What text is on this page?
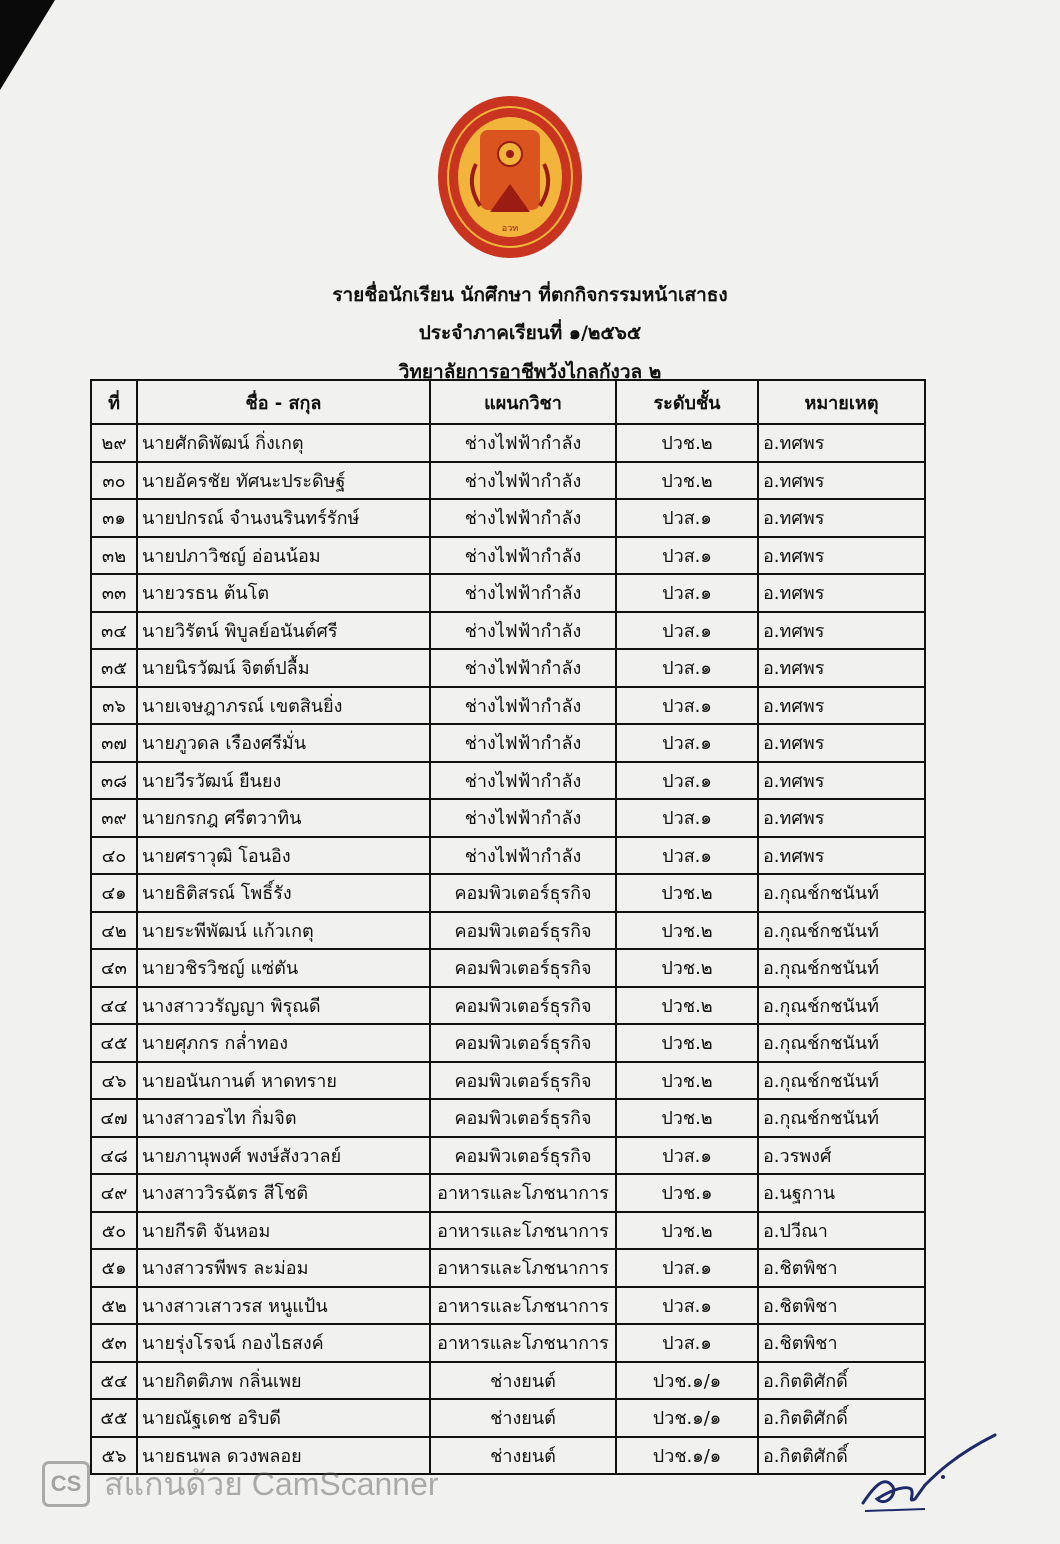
อวท
รายชื่อนักเรียน นักศึกษา ที่ตกกิจกรรมหน้าเสาธง
ประจำภาคเรียนที่ ๑/๒๕๖๕
วิทยาลัยการอาชีพวังไกลกังวล ๒
ที่	ชื่อ - สกุล	แผนกวิชา	ระดับชั้น	หมายเหตุ
๒๙	นายศักดิพัฒน์ กิ่งเกตุ	ช่างไฟฟ้ากำลัง	ปวช.๒	อ.ทศพร
๓๐	นายอัครชัย ทัศนะประดิษฐ์	ช่างไฟฟ้ากำลัง	ปวช.๒	อ.ทศพร
๓๑	นายปกรณ์ จำนงนรินทร์รักษ์	ช่างไฟฟ้ากำลัง	ปวส.๑	อ.ทศพร
๓๒	นายปภาวิชญ์ อ่อนน้อม	ช่างไฟฟ้ากำลัง	ปวส.๑	อ.ทศพร
๓๓	นายวรธน ต้นโต	ช่างไฟฟ้ากำลัง	ปวส.๑	อ.ทศพร
๓๔	นายวิรัตน์ พิบูลย์อนันต์ศรี	ช่างไฟฟ้ากำลัง	ปวส.๑	อ.ทศพร
๓๕	นายนิรวัฒน์ จิตต์ปลื้ม	ช่างไฟฟ้ากำลัง	ปวส.๑	อ.ทศพร
๓๖	นายเจษฎาภรณ์ เขตสินยิ่ง	ช่างไฟฟ้ากำลัง	ปวส.๑	อ.ทศพร
๓๗	นายภูวดล เรืองศรีมั่น	ช่างไฟฟ้ากำลัง	ปวส.๑	อ.ทศพร
๓๘	นายวีรวัฒน์ ยืนยง	ช่างไฟฟ้ากำลัง	ปวส.๑	อ.ทศพร
๓๙	นายกรกฎ ศรีตวาทิน	ช่างไฟฟ้ากำลัง	ปวส.๑	อ.ทศพร
๔๐	นายศราวุฒิ โอนอิง	ช่างไฟฟ้ากำลัง	ปวส.๑	อ.ทศพร
๔๑	นายธิติสรณ์ โพธิ์รัง	คอมพิวเตอร์ธุรกิจ	ปวช.๒	อ.กุณช์กชนันท์
๔๒	นายระพีพัฒน์ แก้วเกตุ	คอมพิวเตอร์ธุรกิจ	ปวช.๒	อ.กุณช์กชนันท์
๔๓	นายวชิรวิชญ์ แซ่ตัน	คอมพิวเตอร์ธุรกิจ	ปวช.๒	อ.กุณช์กชนันท์
๔๔	นางสาววรัญญา พิรุณดี	คอมพิวเตอร์ธุรกิจ	ปวช.๒	อ.กุณช์กชนันท์
๔๕	นายศุภกร กล่ำทอง	คอมพิวเตอร์ธุรกิจ	ปวช.๒	อ.กุณช์กชนันท์
๔๖	นายอนันกานต์ หาดทราย	คอมพิวเตอร์ธุรกิจ	ปวช.๒	อ.กุณช์กชนันท์
๔๗	นางสาวอรไท กิ่มจิต	คอมพิวเตอร์ธุรกิจ	ปวช.๒	อ.กุณช์กชนันท์
๔๘	นายภานุพงศ์ พงษ์สังวาลย์	คอมพิวเตอร์ธุรกิจ	ปวส.๑	อ.วรพงศ์
๔๙	นางสาววิรฉัตร สีโชติ	อาหารและโภชนาการ	ปวช.๑	อ.นฐกาน
๕๐	นายกีรติ จันหอม	อาหารและโภชนาการ	ปวช.๒	อ.ปวีณา
๕๑	นางสาวรพีพร ละม่อม	อาหารและโภชนาการ	ปวส.๑	อ.ชิตพิชา
๕๒	นางสาวเสาวรส หนูแป้น	อาหารและโภชนาการ	ปวส.๑	อ.ชิตพิชา
๕๓	นายรุ่งโรจน์ กองไธสงค์	อาหารและโภชนาการ	ปวส.๑	อ.ชิตพิชา
๕๔	นายกิตติภพ กลิ่นเพย	ช่างยนต์	ปวช.๑/๑	อ.กิตติศักดิ์
๕๕	นายณัฐเดช อริบดี	ช่างยนต์	ปวช.๑/๑	อ.กิตติศักดิ์
๕๖	นายธนพล ดวงพลอย	ช่างยนต์	ปวช.๑/๑	อ.กิตติศักดิ์
CS สแกนด้วย CamScanner
